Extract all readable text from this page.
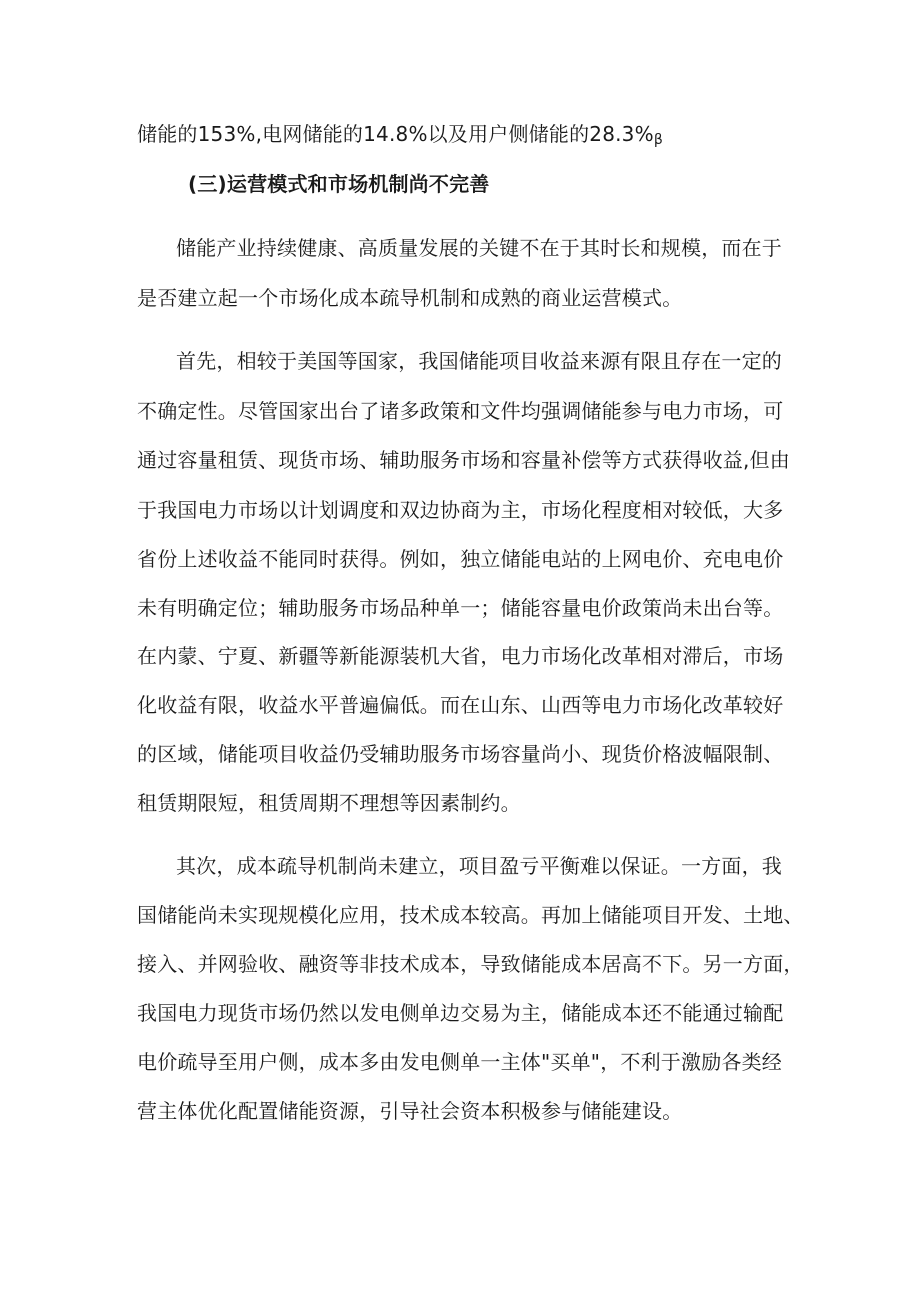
储能的153%,电网储能的14.8%以及用户侧储能的28.3%β
(三)运营模式和市场机制尚不完善
储能产业持续健康、高质量发展的关键不在于其时长和规模，而在于
是否建立起一个市场化成本疏导机制和成熟的商业运营模式。
首先，相较于美国等国家，我国储能项目收益来源有限且存在一定的
不确定性。尽管国家出台了诸多政策和文件均强调储能参与电力市场，可
通过容量租赁、现货市场、辅助服务市场和容量补偿等方式获得收益,但由
于我国电力市场以计划调度和双边协商为主，市场化程度相对较低，大多
省份上述收益不能同时获得。例如，独立储能电站的上网电价、充电电价
未有明确定位；辅助服务市场品种单一；储能容量电价政策尚未出台等。
在内蒙、宁夏、新疆等新能源装机大省，电力市场化改革相对滞后，市场
化收益有限，收益水平普遍偏低。而在山东、山西等电力市场化改革较好
的区域，储能项目收益仍受辅助服务市场容量尚小、现货价格波幅限制、
租赁期限短，租赁周期不理想等因素制约。
其次，成本疏导机制尚未建立，项目盈亏平衡难以保证。一方面，我
国储能尚未实现规模化应用，技术成本较高。再加上储能项目开发、土地、
接入、并网验收、融资等非技术成本，导致储能成本居高不下。另一方面，
我国电力现货市场仍然以发电侧单边交易为主，储能成本还不能通过输配
电价疏导至用户侧，成本多由发电侧单一主体"买单"，不利于激励各类经
营主体优化配置储能资源，引导社会资本积极参与储能建设。
